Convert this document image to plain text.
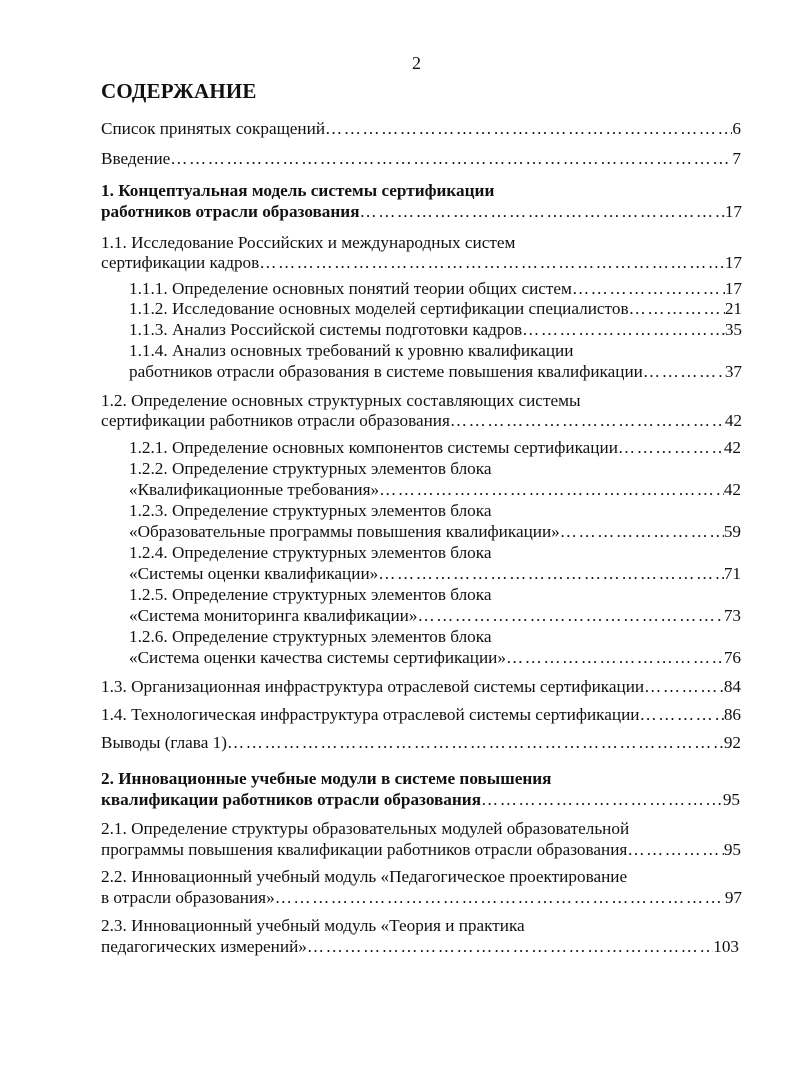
2
СОДЕРЖАНИЕ
Список принятых сокращений …………………………………………………………………………………………………………………………………………………………………………………………………………………	6
Введение …………………………………………………………………………………………………………………………………………………………………………………………………………………	7
1. Концептуальная модель системы сертификации
работников отрасли образования …………………………………………………………………………………………………………………………………………………………………………………………………………………	17
1.1. Исследование Российских и международных систем
сертификации кадров …………………………………………………………………………………………………………………………………………………………………………………………………………………	17
1.1.1. Определение основных понятий теории общих систем …………………………………………………………………………………………………………………………………………………………………………………………………………………	17
1.1.2. Исследование основных моделей сертификации специалистов …………………………………………………………………………………………………………………………………………………………………………………………………………………	21
1.1.3. Анализ Российской системы подготовки кадров …………………………………………………………………………………………………………………………………………………………………………………………………………………	35
1.1.4. Анализ основных требований к уровню квалификации
работников отрасли образования в системе повышения квалификации …………………………………………………………………………………………………………………………………………………………………………………………………………………	37
1.2. Определение основных структурных составляющих системы
сертификации работников отрасли образования …………………………………………………………………………………………………………………………………………………………………………………………………………………	42
1.2.1. Определение основных компонентов системы сертификации …………………………………………………………………………………………………………………………………………………………………………………………………………………	42
1.2.2. Определение структурных элементов блока
«Квалификационные требования» …………………………………………………………………………………………………………………………………………………………………………………………………………………	42
1.2.3. Определение структурных элементов блока
«Образовательные программы повышения квалификации» …………………………………………………………………………………………………………………………………………………………………………………………………………………	59
1.2.4. Определение структурных элементов блока
«Системы оценки квалификации» …………………………………………………………………………………………………………………………………………………………………………………………………………………	71
1.2.5. Определение структурных элементов блока
«Система мониторинга квалификации» …………………………………………………………………………………………………………………………………………………………………………………………………………………	73
1.2.6. Определение структурных элементов блока
«Система оценки качества системы сертификации» …………………………………………………………………………………………………………………………………………………………………………………………………………………	76
1.3. Организационная инфраструктура отраслевой системы сертификации …………………………………………………………………………………………………………………………………………………………………………………………………………………	84
1.4. Технологическая инфраструктура отраслевой системы сертификации …………………………………………………………………………………………………………………………………………………………………………………………………………………	86
Выводы (глава 1) …………………………………………………………………………………………………………………………………………………………………………………………………………………	92
2. Инновационные учебные модули в системе повышения
квалификации работников отрасли образования …………………………………………………………………………………………………………………………………………………………………………………………………………………	95
2.1. Определение структуры образовательных модулей образовательной
программы повышения квалификации работников отрасли образования …………………………………………………………………………………………………………………………………………………………………………………………………………………	95
2.2. Инновационный учебный модуль «Педагогическое проектирование
в отрасли образования» …………………………………………………………………………………………………………………………………………………………………………………………………………………	97
2.3. Инновационный учебный модуль «Теория и практика
педагогических измерений» …………………………………………………………………………………………………………………………………………………………………………………………………………………	103
